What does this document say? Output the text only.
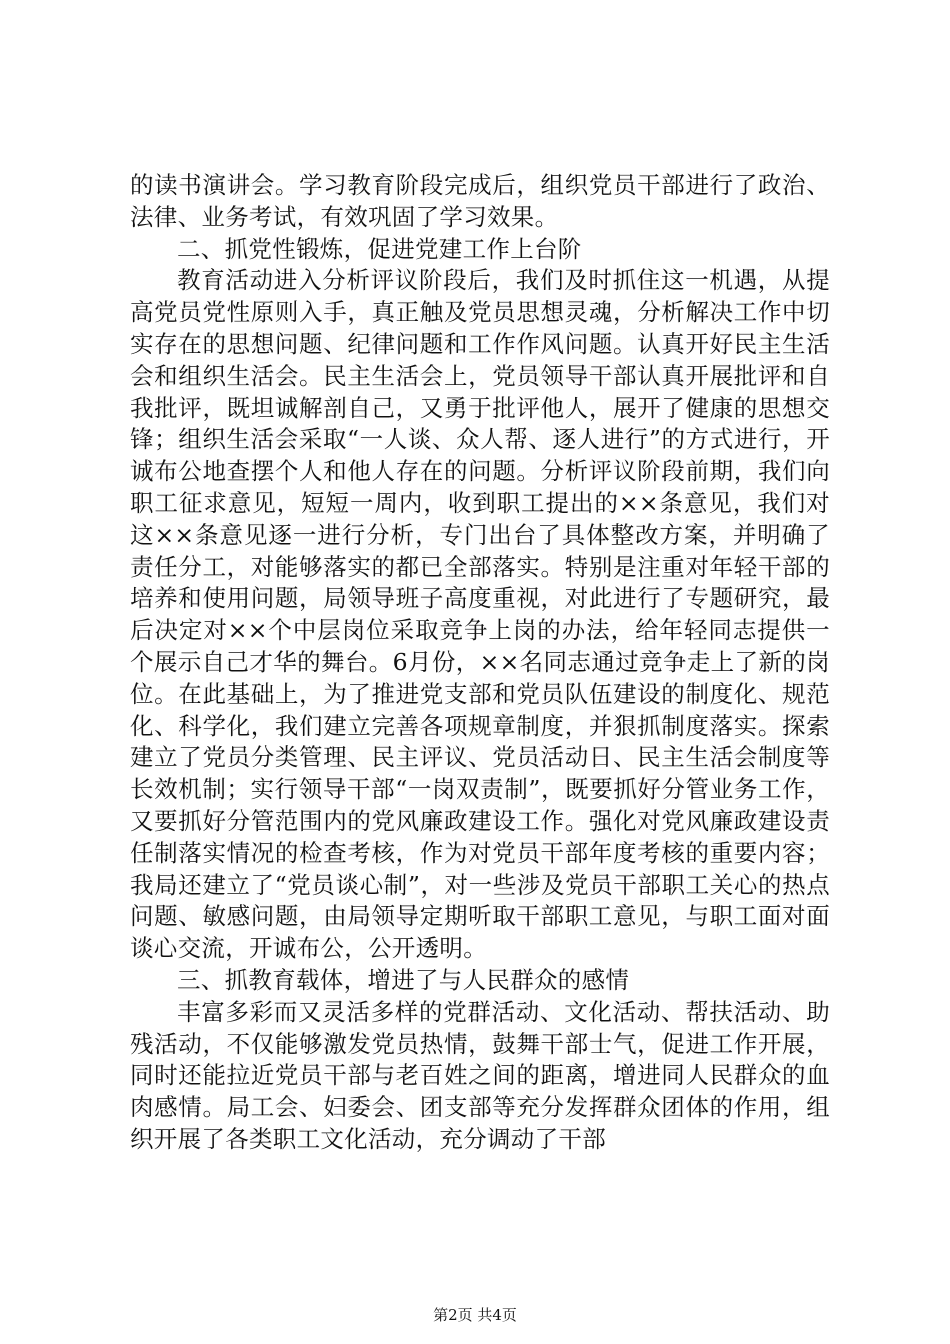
的读书演讲会。学习教育阶段完成后，组织党员干部进行了政治、法律、业务考试，有效巩固了学习效果。

二、抓党性锻炼，促进党建工作上台阶

教育活动进入分析评议阶段后，我们及时抓住这一机遇，从提高党员党性原则入手，真正触及党员思想灵魂，分析解决工作中切实存在的思想问题、纪律问题和工作作风问题。认真开好民主生活会和组织生活会。民主生活会上，党员领导干部认真开展批评和自我批评，既坦诚解剖自己，又勇于批评他人，展开了健康的思想交锋；组织生活会采取“一人谈、众人帮、逐人进行”的方式进行，开诚布公地查摆个人和他人存在的问题。分析评议阶段前期，我们向职工征求意见，短短一周内，收到职工提出的××条意见，我们对这××条意见逐一进行分析，专门出台了具体整改方案，并明确了责任分工，对能够落实的都已全部落实。特别是注重对年轻干部的培养和使用问题，局领导班子高度重视，对此进行了专题研究，最后决定对××个中层岗位采取竞争上岗的办法，给年轻同志提供一个展示自己才华的舞台。6月份，××名同志通过竞争走上了新的岗位。在此基础上，为了推进党支部和党员队伍建设的制度化、规范化、科学化，我们建立完善各项规章制度，并狠抓制度落实。探索建立了党员分类管理、民主评议、党员活动日、民主生活会制度等长效机制；实行领导干部“一岗双责制”，既要抓好分管业务工作，又要抓好分管范围内的党风廉政建设工作。强化对党风廉政建设责任制落实情况的检查考核，作为对党员干部年度考核的重要内容；我局还建立了“党员谈心制”，对一些涉及党员干部职工关心的热点问题、敏感问题，由局领导定期听取干部职工意见，与职工面对面谈心交流，开诚布公，公开透明。

三、抓教育载体，增进了与人民群众的感情

丰富多彩而又灵活多样的党群活动、文化活动、帮扶活动、助残活动，不仅能够激发党员热情，鼓舞干部士气，促进工作开展，同时还能拉近党员干部与老百姓之间的距离，增进同人民群众的血肉感情。局工会、妇委会、团支部等充分发挥群众团体的作用，组织开展了各类职工文化活动，充分调动了干部

第2页 共4页
